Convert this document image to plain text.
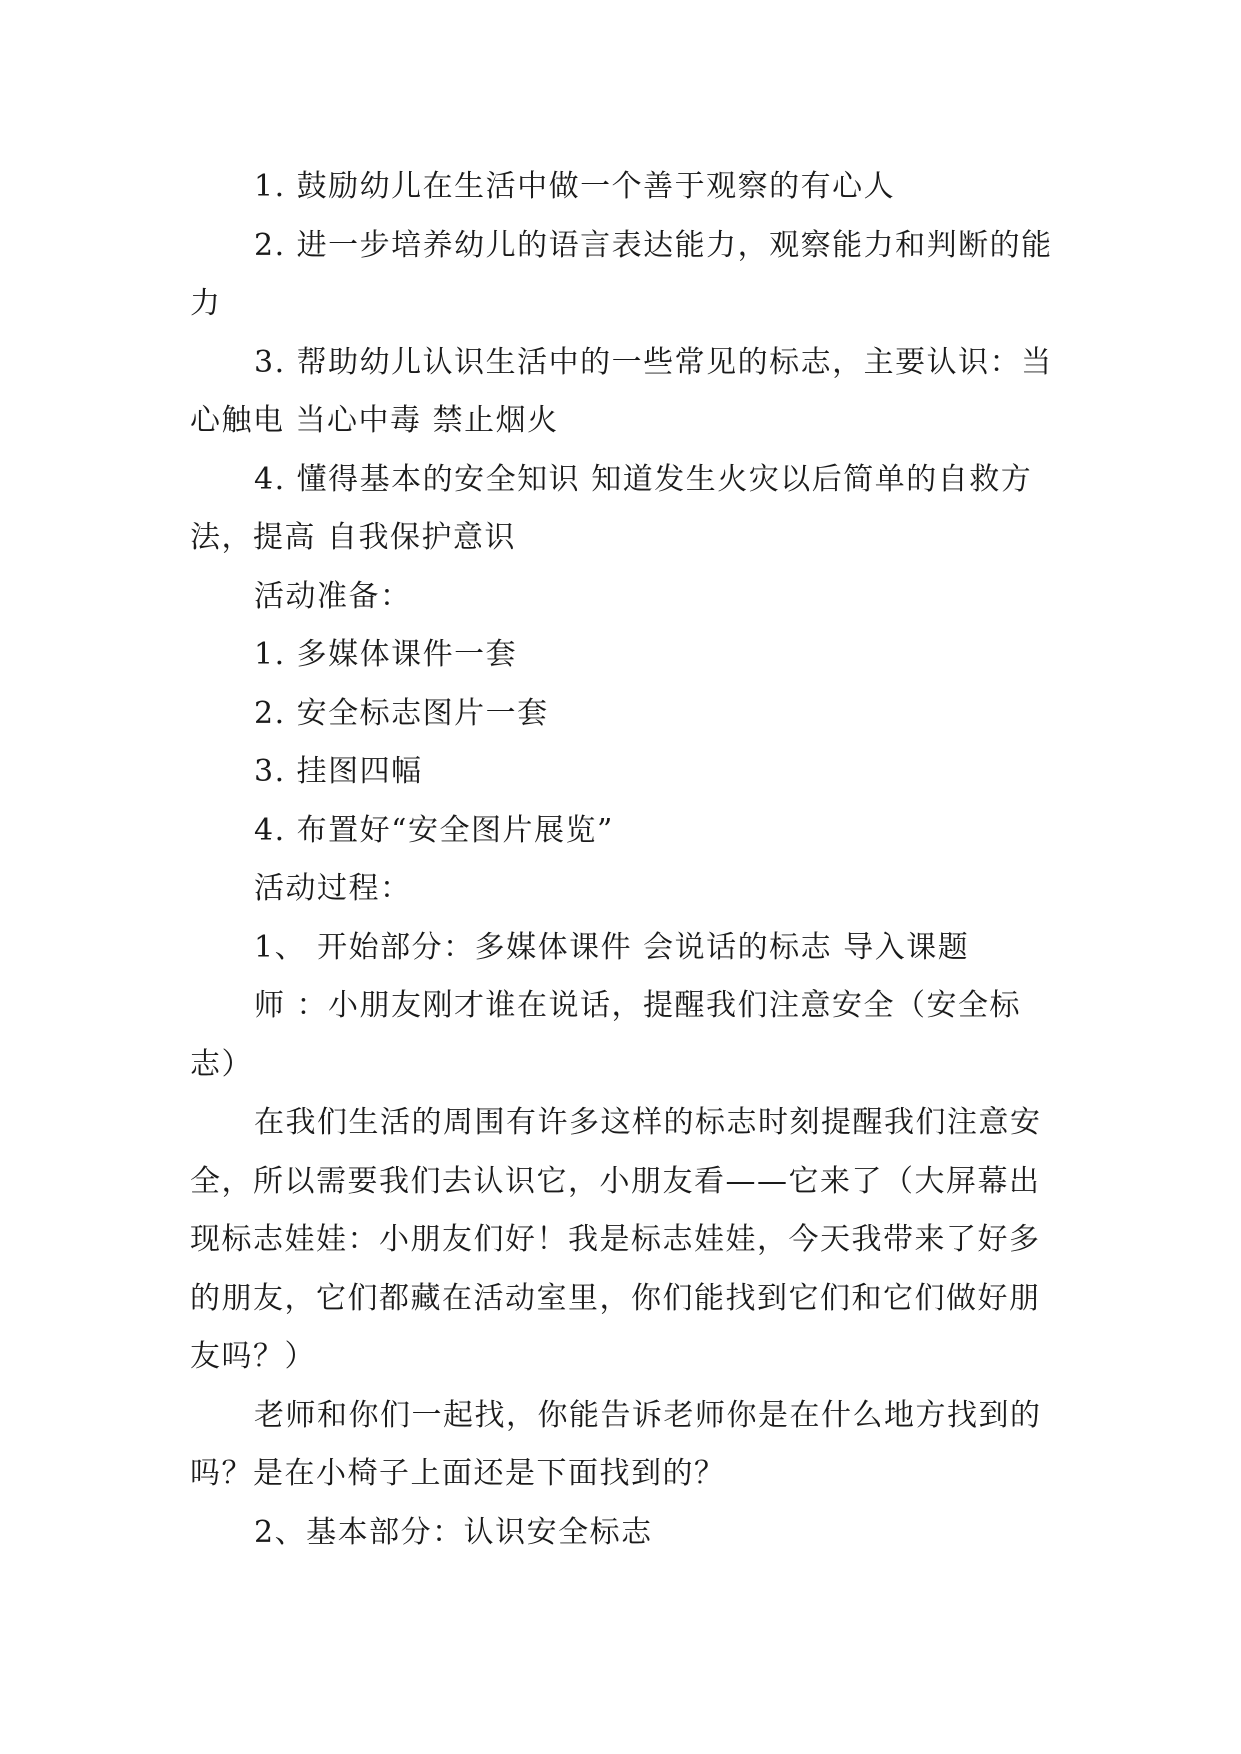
1. 鼓励幼儿在生活中做一个善于观察的有心人

2. 进一步培养幼儿的语言表达能力，观察能力和判断的能力

3. 帮助幼儿认识生活中的一些常见的标志，主要认识：当心触电 当心中毒 禁止烟火

4. 懂得基本的安全知识 知道发生火灾以后简单的自救方法，提高 自我保护意识

活动准备：

1. 多媒体课件一套

2. 安全标志图片一套

3. 挂图四幅

4. 布置好“安全图片展览”

活动过程：

1、 开始部分：多媒体课件 会说话的标志 导入课题

师 ：小朋友刚才谁在说话，提醒我们注意安全（安全标志）

在我们生活的周围有许多这样的标志时刻提醒我们注意安全，所以需要我们去认识它，小朋友看——它来了（大屏幕出现标志娃娃：小朋友们好！我是标志娃娃，今天我带来了好多的朋友，它们都藏在活动室里，你们能找到它们和它们做好朋友吗？）

老师和你们一起找，你能告诉老师你是在什么地方找到的吗？是在小椅子上面还是下面找到的？

2、基本部分：认识安全标志
